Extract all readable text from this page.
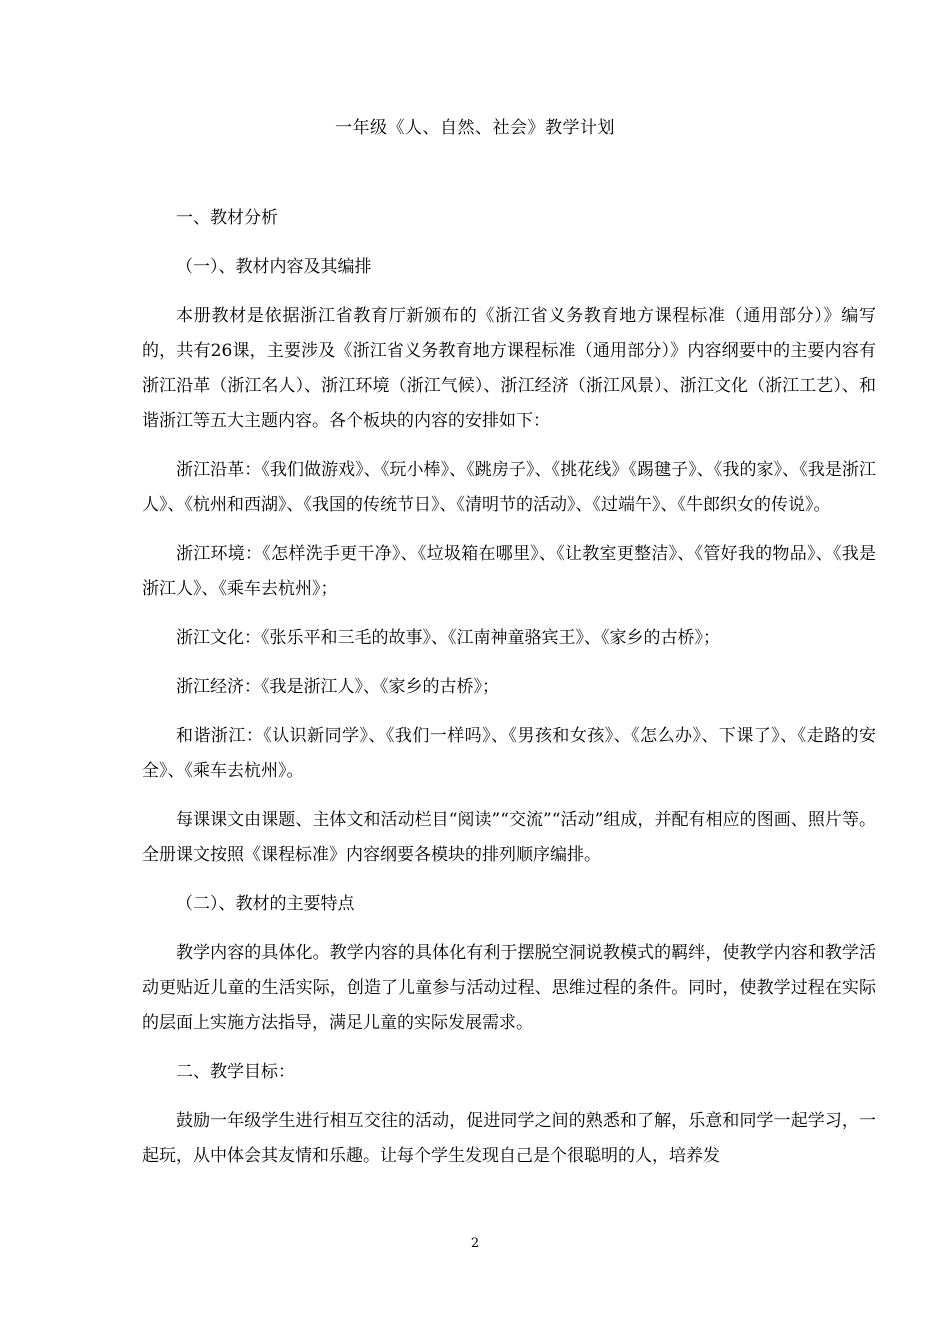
一年级《人、自然、社会》教学计划

一、教材分析

（一）、教材内容及其编排

本册教材是依据浙江省教育厅新颁布的《浙江省义务教育地方课程标准（通用部分）》编写的，共有26课，主要涉及《浙江省义务教育地方课程标准（通用部分）》内容纲要中的主要内容有浙江沿革（浙江名人）、浙江环境（浙江气候）、浙江经济（浙江风景）、浙江文化（浙江工艺）、和谐浙江等五大主题内容。各个板块的内容的安排如下：

浙江沿革：《我们做游戏》、《玩小棒》、《跳房子》、《挑花线》《踢毽子》、《我的家》、《我是浙江人》、《杭州和西湖》、《我国的传统节日》、《清明节的活动》、《过端午》、《牛郎织女的传说》。

浙江环境：《怎样洗手更干净》、《垃圾箱在哪里》、《让教室更整洁》、《管好我的物品》、《我是浙江人》、《乘车去杭州》；

浙江文化：《张乐平和三毛的故事》、《江南神童骆宾王》、《家乡的古桥》；

浙江经济：《我是浙江人》、《家乡的古桥》；

和谐浙江：《认识新同学》、《我们一样吗》、《男孩和女孩》、《怎么办》、下课了》、《走路的安全》、《乘车去杭州》。

每课课文由课题、主体文和活动栏目“阅读”“交流”“活动”组成，并配有相应的图画、照片等。全册课文按照《课程标准》内容纲要各模块的排列顺序编排。

（二）、教材的主要特点

教学内容的具体化。教学内容的具体化有利于摆脱空洞说教模式的羁绊，使教学内容和教学活动更贴近儿童的生活实际，创造了儿童参与活动过程、思维过程的条件。同时，使教学过程在实际的层面上实施方法指导，满足儿童的实际发展需求。

二、教学目标：

鼓励一年级学生进行相互交往的活动，促进同学之间的熟悉和了解，乐意和同学一起学习，一起玩，从中体会其友情和乐趣。让每个学生发现自己是个很聪明的人，培养发

2
